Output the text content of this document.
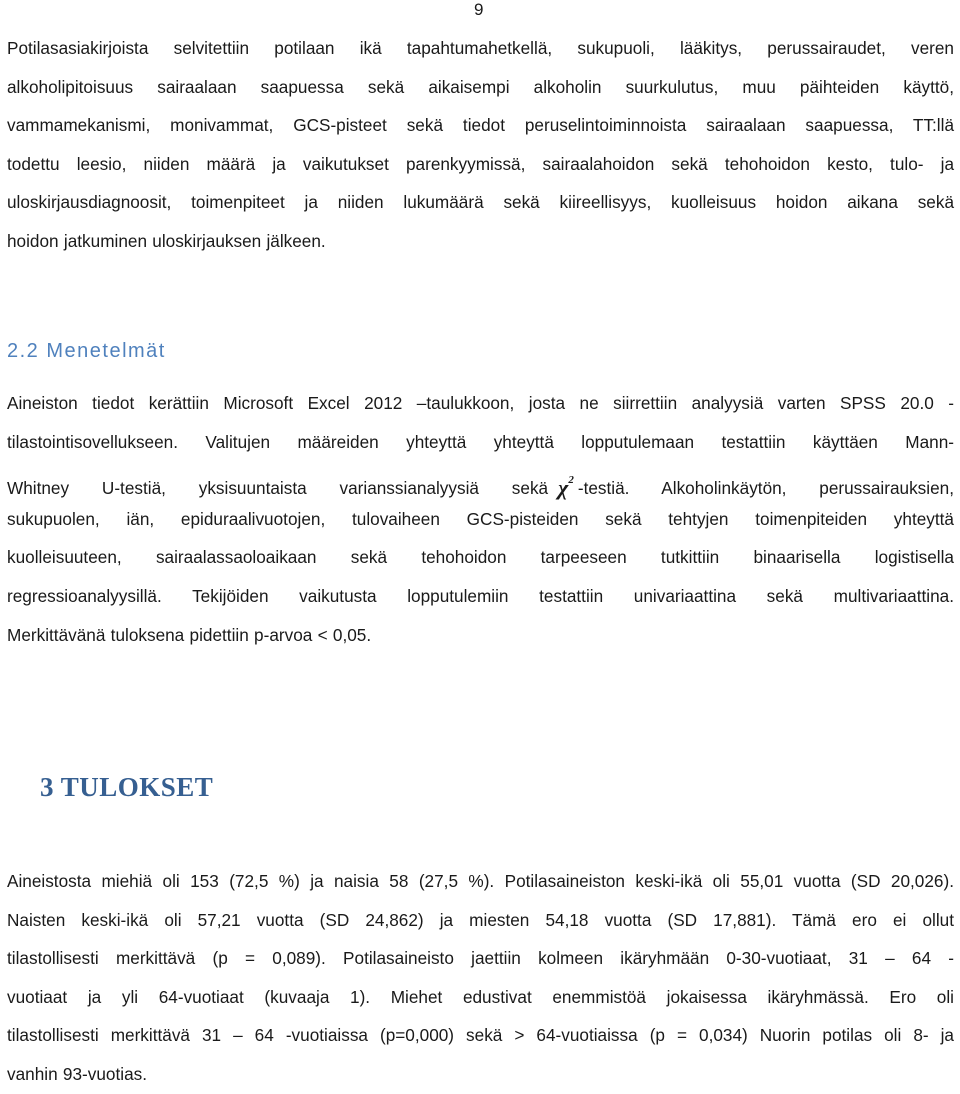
9
Potilasasiakirjoista selvitettiin potilaan ikä tapahtumahetkellä, sukupuoli, lääkitys, perussairaudet, veren
alkoholipitoisuus sairaalaan saapuessa sekä aikaisempi alkoholin suurkulutus, muu päihteiden käyttö,
vammamekanismi, monivammat, GCS-pisteet sekä tiedot peruselintoiminnoista sairaalaan saapuessa, TT:llä
todettu leesio, niiden määrä ja vaikutukset parenkyymissä, sairaalahoidon sekä tehohoidon kesto, tulo- ja
uloskirjausdiagnoosit, toimenpiteet ja niiden lukumäärä sekä kiireellisyys, kuolleisuus hoidon aikana sekä
hoidon jatkuminen uloskirjauksen jälkeen.
2.2 Menetelmät
Aineiston tiedot kerättiin Microsoft Excel 2012 –taulukkoon, josta ne siirrettiin analyysiä varten SPSS 20.0 -
tilastointisovellukseen. Valitujen määreiden yhteyttä yhteyttä lopputulemaan testattiin käyttäen Mann-
Whitney U-testiä, yksisuuntaista varianssianalyysiä sekä $\chi^2$ -testiä. Alkoholinkäytön, perussairauksien,
sukupuolen, iän, epiduraalivuotojen, tulovaiheen GCS-pisteiden sekä tehtyjen toimenpiteiden yhteyttä
kuolleisuuteen, sairaalassaoloaikaan sekä tehohoidon tarpeeseen tutkittiin binaarisella logistisella
regressioanalyysillä. Tekijöiden vaikutusta lopputulemiin testattiin univariaattina sekä multivariaattina.
Merkittävänä tuloksena pidettiin p-arvoa < 0,05.
3 TULOKSET
Aineistosta miehiä oli 153 (72,5 %) ja naisia 58 (27,5 %). Potilasaineiston keski-ikä oli 55,01 vuotta (SD 20,026).
Naisten keski-ikä oli 57,21 vuotta (SD 24,862) ja miesten 54,18 vuotta (SD 17,881). Tämä ero ei ollut
tilastollisesti merkittävä (p = 0,089). Potilasaineisto jaettiin kolmeen ikäryhmään 0-30-vuotiaat, 31 – 64 -
vuotiaat ja yli 64-vuotiaat (kuvaaja 1). Miehet edustivat enemmistöä jokaisessa ikäryhmässä. Ero oli
tilastollisesti merkittävä 31 – 64 -vuotiaissa (p=0,000) sekä > 64-vuotiaissa (p = 0,034) Nuorin potilas oli 8- ja
vanhin 93-vuotias.
